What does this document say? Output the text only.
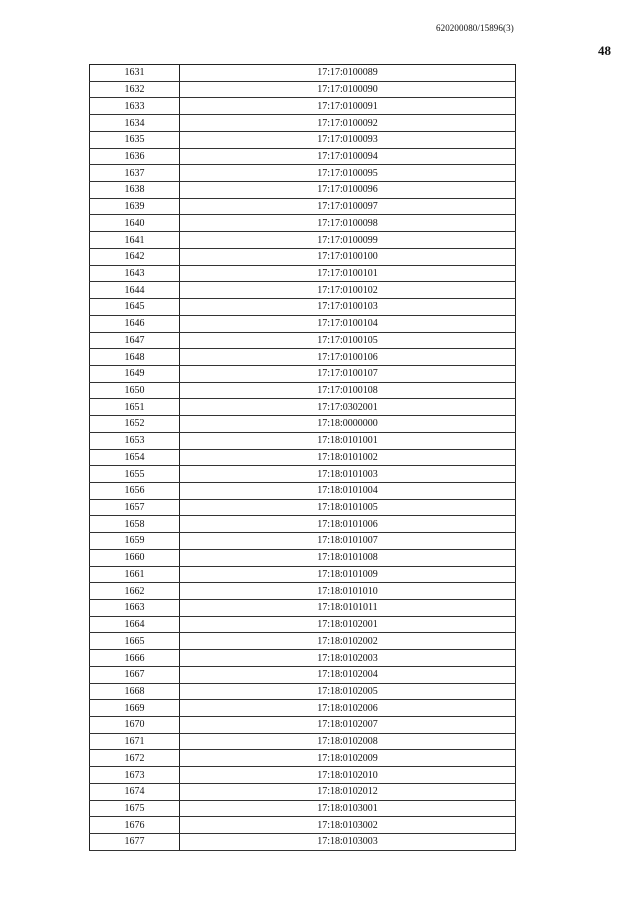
620200080/15896(3)
48
1631	17:17:0100089
1632	17:17:0100090
1633	17:17:0100091
1634	17:17:0100092
1635	17:17:0100093
1636	17:17:0100094
1637	17:17:0100095
1638	17:17:0100096
1639	17:17:0100097
1640	17:17:0100098
1641	17:17:0100099
1642	17:17:0100100
1643	17:17:0100101
1644	17:17:0100102
1645	17:17:0100103
1646	17:17:0100104
1647	17:17:0100105
1648	17:17:0100106
1649	17:17:0100107
1650	17:17:0100108
1651	17:17:0302001
1652	17:18:0000000
1653	17:18:0101001
1654	17:18:0101002
1655	17:18:0101003
1656	17:18:0101004
1657	17:18:0101005
1658	17:18:0101006
1659	17:18:0101007
1660	17:18:0101008
1661	17:18:0101009
1662	17:18:0101010
1663	17:18:0101011
1664	17:18:0102001
1665	17:18:0102002
1666	17:18:0102003
1667	17:18:0102004
1668	17:18:0102005
1669	17:18:0102006
1670	17:18:0102007
1671	17:18:0102008
1672	17:18:0102009
1673	17:18:0102010
1674	17:18:0102012
1675	17:18:0103001
1676	17:18:0103002
1677	17:18:0103003
